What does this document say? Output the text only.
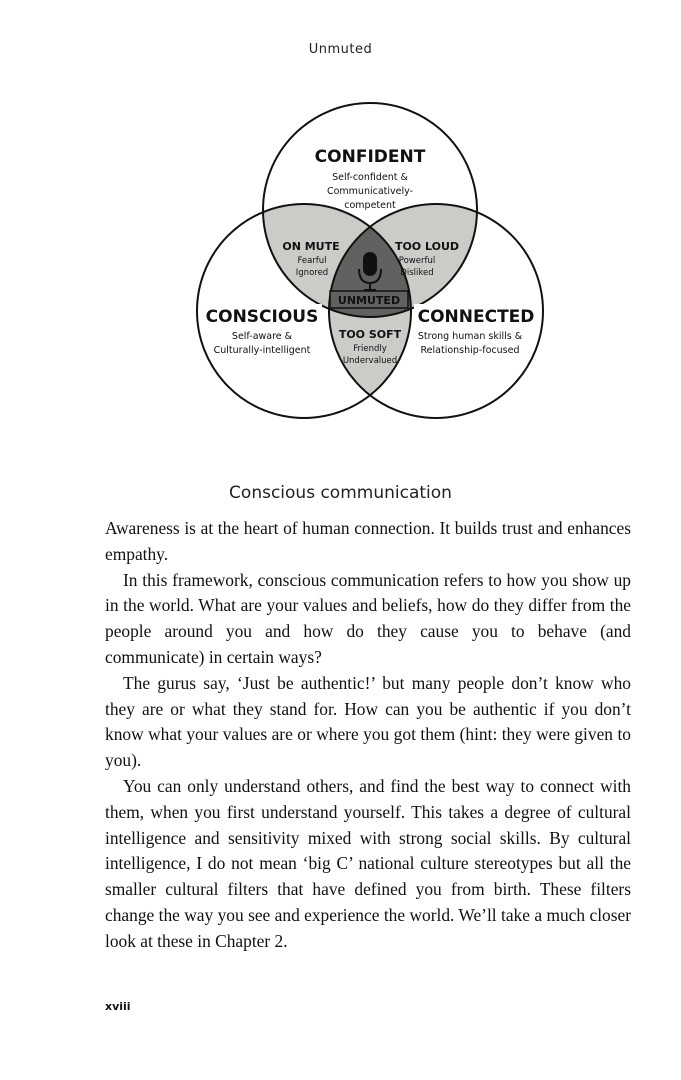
Unmuted
CONFIDENT
Self-confident &
Communicatively-
competent
ON MUTE
Fearful
Ignored
TOO LOUD
Powerful
Disliked
UNMUTED
CONSCIOUS
Self-aware &
Culturally-intelligent
CONNECTED
Strong human skills &
Relationship-focused
TOO SOFT
Friendly
Undervalued
Conscious communication

Awareness is at the heart of human connection. It builds trust and enhances empathy.

In this framework, conscious communication refers to how you show up in the world. What are your values and beliefs, how do they differ from the people around you and how do they cause you to behave (and communicate) in certain ways?

The gurus say, ‘Just be authentic!’ but many people don’t know who they are or what they stand for. How can you be authentic if you don’t know what your values are or where you got them (hint: they were given to you).

You can only understand others, and find the best way to connect with them, when you first understand yourself. This takes a degree of cultural intelligence and sensitivity mixed with strong social skills. By cultural intelligence, I do not mean ‘big C’ national culture stereotypes but all the smaller cultural filters that have defined you from birth. These filters change the way you see and experience the world. We’ll take a much closer look at these in Chapter 2.

xviii
